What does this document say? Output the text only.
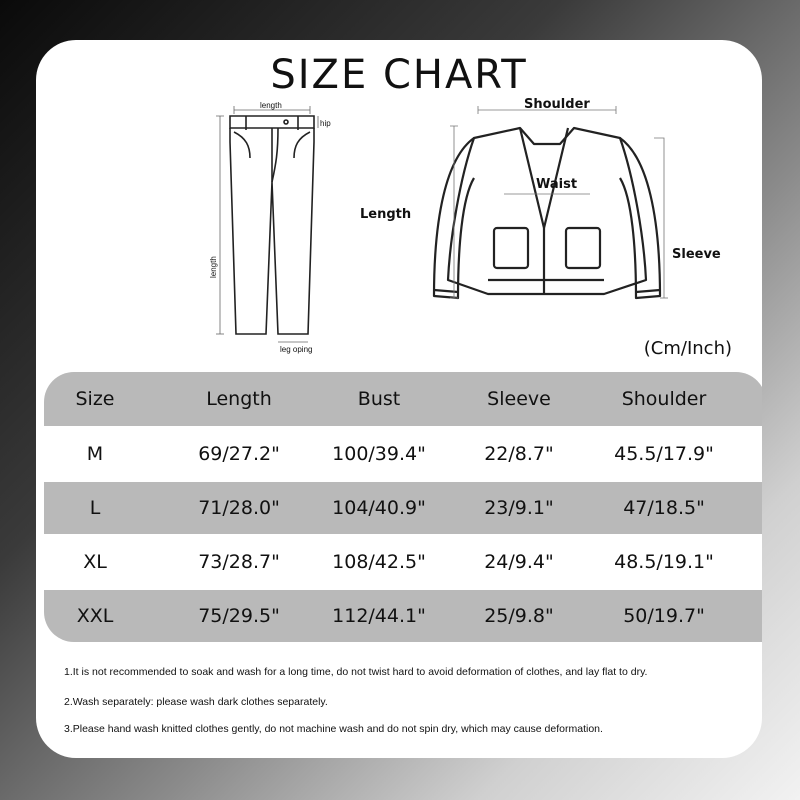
SIZE CHART
length
hip
length
leg oping
Shoulder
Waist
Length
Sleeve
(Cm/Inch)
Size	Length	Bust	Sleeve	Shoulder
M	69/27.2"	100/39.4"	22/8.7"	45.5/17.9"
L	71/28.0"	104/40.9"	23/9.1"	47/18.5"
XL	73/28.7"	108/42.5"	24/9.4"	48.5/19.1"
XXL	75/29.5"	112/44.1"	25/9.8"	50/19.7"
1.It is not recommended to soak and wash for a long time, do not twist hard to avoid deformation of clothes, and lay flat to dry.
2.Wash separately: please wash dark clothes separately.
3.Please hand wash knitted clothes gently, do not machine wash and do not spin dry, which may cause deformation.
